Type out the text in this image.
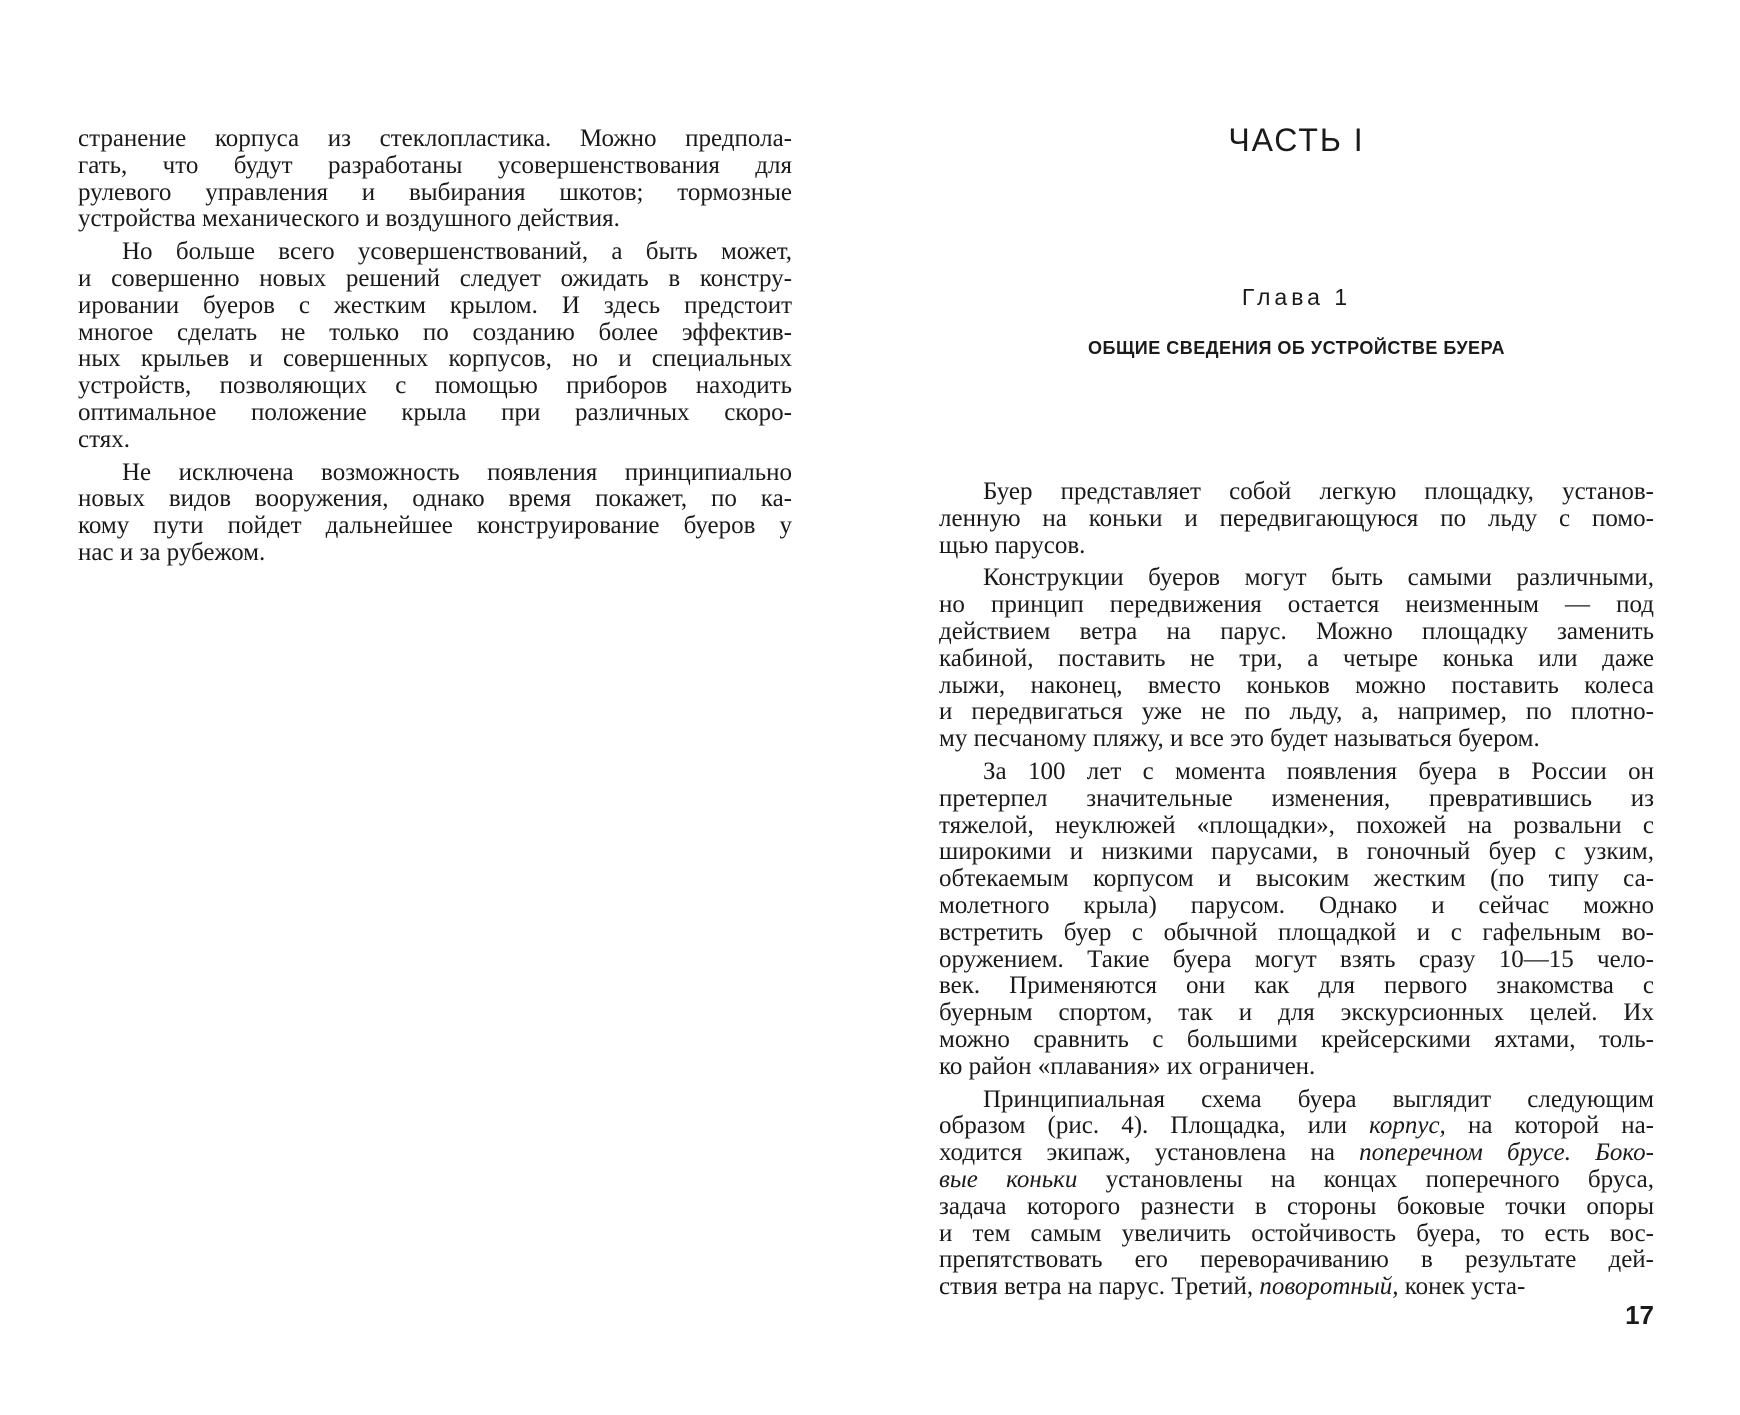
странение корпуса из стеклопластика. Можно предпола-
гать, что будут разработаны усовершенствования для
рулевого управления и выбирания шкотов; тормозные
устройства механического и воздушного действия.

Но больше всего усовершенствований, а быть может,
и совершенно новых решений следует ожидать в констру-
ировании буеров с жестким крылом. И здесь предстоит
многое сделать не только по созданию более эффектив-
ных крыльев и совершенных корпусов, но и специальных
устройств, позволяющих с помощью приборов находить
оптимальное положение крыла при различных скоро-
стях.

Не исключена возможность появления принципиально
новых видов вооружения, однако время покажет, по ка-
кому пути пойдет дальнейшее конструирование буеров у
нас и за рубежом.

ЧАСТЬ I
Глава 1
ОБЩИЕ СВЕДЕНИЯ ОБ УСТРОЙСТВЕ БУЕРА

Буер представляет собой легкую площадку, установ-
ленную на коньки и передвигающуюся по льду с помо-
щью парусов.

Конструкции буеров могут быть самыми различными,
но принцип передвижения остается неизменным — под
действием ветра на парус. Можно площадку заменить
кабиной, поставить не три, а четыре конька или даже
лыжи, наконец, вместо коньков можно поставить колеса
и передвигаться уже не по льду, а, например, по плотно-
му песчаному пляжу, и все это будет называться буером.

За 100 лет с момента появления буера в России он
претерпел значительные изменения, превратившись из
тяжелой, неуклюжей «площадки», похожей на розвальни с
широкими и низкими парусами, в гоночный буер с узким,
обтекаемым корпусом и высоким жестким (по типу са-
молетного крыла) парусом. Однако и сейчас можно
встретить буер с обычной площадкой и с гафельным во-
оружением. Такие буера могут взять сразу 10—15 чело-
век. Применяются они как для первого знакомства с
буерным спортом, так и для экскурсионных целей. Их
можно сравнить с большими крейсерскими яхтами, толь-
ко район «плавания» их ограничен.

Принципиальная схема буера выглядит следующим
образом (рис. 4). Площадка, или корпус, на которой на-
ходится экипаж, установлена на поперечном брусе. Боко-
вые коньки установлены на концах поперечного бруса,
задача которого разнести в стороны боковые точки опоры
и тем самым увеличить остойчивость буера, то есть вос-
препятствовать его переворачиванию в результате дей-
ствия ветра на парус. Третий, поворотный, конек уста-

17
